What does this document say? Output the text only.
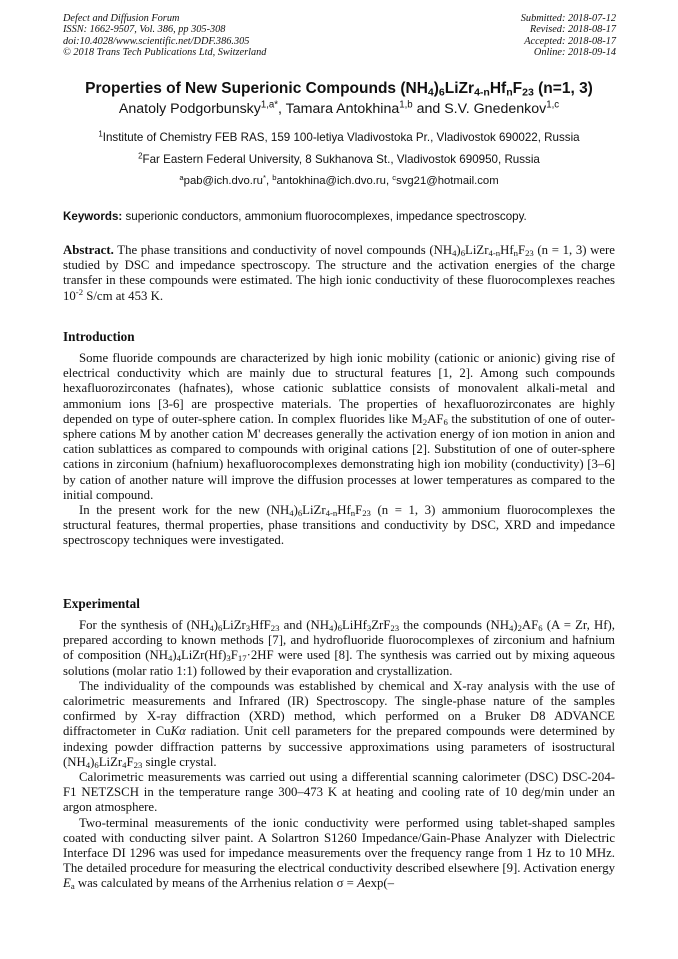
Defect and Diffusion Forum
ISSN: 1662-9507, Vol. 386, pp 305-308
doi:10.4028/www.scientific.net/DDF.386.305
© 2018 Trans Tech Publications Ltd, Switzerland
Submitted: 2018-07-12
Revised: 2018-08-17
Accepted: 2018-08-17
Online: 2018-09-14
Properties of New Superionic Compounds $(NH_4)_6LiZr_{4-n}Hf_nF_{23}$ (n=1, 3)
Anatoly Podgorbunsky$^{1,a*}$, Tamara Antokhina$^{1,b}$ and S.V. Gnedenkov$^{1,c}$
$^1$Institute of Chemistry FEB RAS, 159 100-letiya Vladivostoka Pr., Vladivostok 690022, Russia
$^2$Far Eastern Federal University, 8 Sukhanova St., Vladivostok 690950, Russia
$^a$pab@ich.dvo.ru*, $^b$antokhina@ich.dvo.ru, $^c$svg21@hotmail.com
Keywords: superionic conductors, ammonium fluorocomplexes, impedance spectroscopy.

Abstract. The phase transitions and conductivity of novel compounds $(NH_4)_6LiZr_{4-n}Hf_nF_{23}$ (n = 1, 3) were studied by DSC and impedance spectroscopy. The structure and the activation energies of the charge transfer in these compounds were estimated. The high ionic conductivity of these fluorocomplexes reaches $10^{-2}$ S/cm at 453 K.

Introduction

Some fluoride compounds are characterized by high ionic mobility (cationic or anionic) giving rise of electrical conductivity which are mainly due to structural features [1, 2]. Among such compounds hexafluorozirconates (hafnates), whose cationic sublattice consists of monovalent alkali-metal and ammonium ions [3-6] are prospective materials. The properties of hexafluorozirconates are highly depended on type of outer-sphere cation. In complex fluorides like $M_2AF_6$ the substitution of one of outer-sphere cations M by another cation M' decreases generally the activation energy of ion motion in anion and cation sublattices as compared to compounds with original cations [2]. Substitution of one of outer-sphere cations in zirconium (hafnium) hexafluorocomplexes demonstrating high ion mobility (conductivity) [3–6] by cation of another nature will improve the diffusion processes at lower temperatures as compared to the initial compound.

In the present work for the new $(NH_4)_6LiZr_{4-n}Hf_nF_{23}$ (n = 1, 3) ammonium fluorocomplexes the structural features, thermal properties, phase transitions and conductivity by DSC, XRD and impedance spectroscopy techniques were investigated.

Experimental

For the synthesis of $(NH_4)_6LiZr_3HfF_{23}$ and $(NH_4)_6LiHf_3ZrF_{23}$ the compounds $(NH_4)_2AF_6$ (A = Zr, Hf), prepared according to known methods [7], and hydrofluoride fluorocomplexes of zirconium and hafnium of composition $(NH_4)_4LiZr(Hf)_3F_{17}\cdot 2HF$ were used [8]. The synthesis was carried out by mixing aqueous solutions (molar ratio 1:1) followed by their evaporation and crystallization.

The individuality of the compounds was established by chemical and X-ray analysis with the use of calorimetric measurements and Infrared (IR) Spectroscopy. The single-phase nature of the samples confirmed by X-ray diffraction (XRD) method, which performed on a Bruker D8 ADVANCE diffractometer in CuKα radiation. Unit cell parameters for the prepared compounds were determined by indexing powder diffraction patterns by successive approximations using parameters of isostructural $(NH_4)_6LiZr_4F_{23}$ single crystal.

Calorimetric measurements was carried out using a differential scanning calorimeter (DSC) DSC-204-F1 NETZSCH in the temperature range 300–473 K at heating and cooling rate of 10 deg/min under an argon atmosphere.

Two-terminal measurements of the ionic conductivity were performed using tablet-shaped samples coated with conducting silver paint. A Solartron S1260 Impedance/Gain-Phase Analyzer with Dielectric Interface DI 1296 was used for impedance measurements over the frequency range from 1 Hz to 10 MHz. The detailed procedure for measuring the electrical conductivity described elsewhere [9]. Activation energy $E_a$ was calculated by means of the Arrhenius relation σ = Aexp(–
